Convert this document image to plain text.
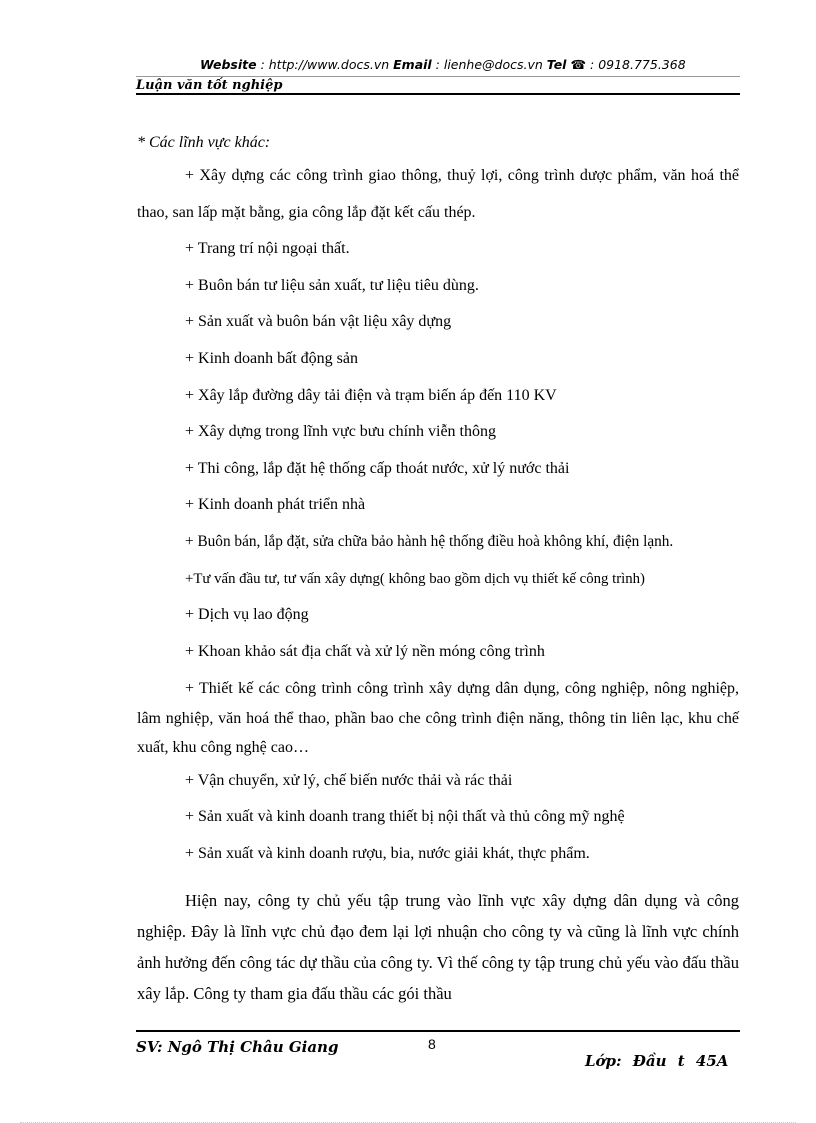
Website : http://www.docs.vn Email : lienhe@docs.vn Tel ☎ : 0918.775.368
Luận văn tốt nghiệp

* Các lĩnh vực khác:

+ Xây dựng các công trình giao thông, thuỷ lợi, công trình dược phẩm, văn hoá thể thao, san lấp mặt bằng, gia công lắp đặt kết cấu thép.

+ Trang trí nội ngoại thất.

+ Buôn bán tư liệu sản xuất, tư liệu tiêu dùng.

+ Sản xuất và buôn bán vật liệu xây dựng

+ Kinh doanh bất động sản

+ Xây lắp đường dây tải điện và trạm biến áp đến 110 KV

+ Xây dựng trong lĩnh vực bưu chính viễn thông

+ Thi công, lắp đặt hệ thống cấp thoát nước, xử lý nước thải

+ Kinh doanh phát triển nhà

+ Buôn bán, lắp đặt, sửa chữa bảo hành hệ thống điều hoà không khí, điện lạnh.

+Tư vấn đầu tư, tư vấn xây dựng( không bao gồm dịch vụ thiết kế công trình)

+ Dịch vụ lao động

+ Khoan khảo sát địa chất và xử lý nền móng công trình

+ Thiết kế các công trình công trình xây dựng dân dụng, công nghiệp, nông nghiệp, lâm nghiệp, văn hoá thể thao, phần bao che công trình điện năng, thông tin liên lạc, khu chế xuất, khu công nghệ cao…

+ Vận chuyển, xử lý, chế biến nước thải và rác thải

+ Sản xuất và kinh doanh trang thiết bị nội thất và thủ công mỹ nghệ

+ Sản xuất và kinh doanh rượu, bia, nước giải khát, thực phẩm.

Hiện nay, công ty chủ yếu tập trung vào lĩnh vực xây dựng dân dụng và công nghiệp. Đây là lĩnh vực chủ đạo đem lại lợi nhuận cho công ty và cũng là lĩnh vực chính ảnh hưởng đến công tác dự thầu của công ty. Vì thế công ty tập trung chủ yếu vào đấu thầu xây lắp. Công ty tham gia đấu thầu các gói thầu

SV: Ngô Thị Châu Giang	8
Lớp: Đầu t 45A
